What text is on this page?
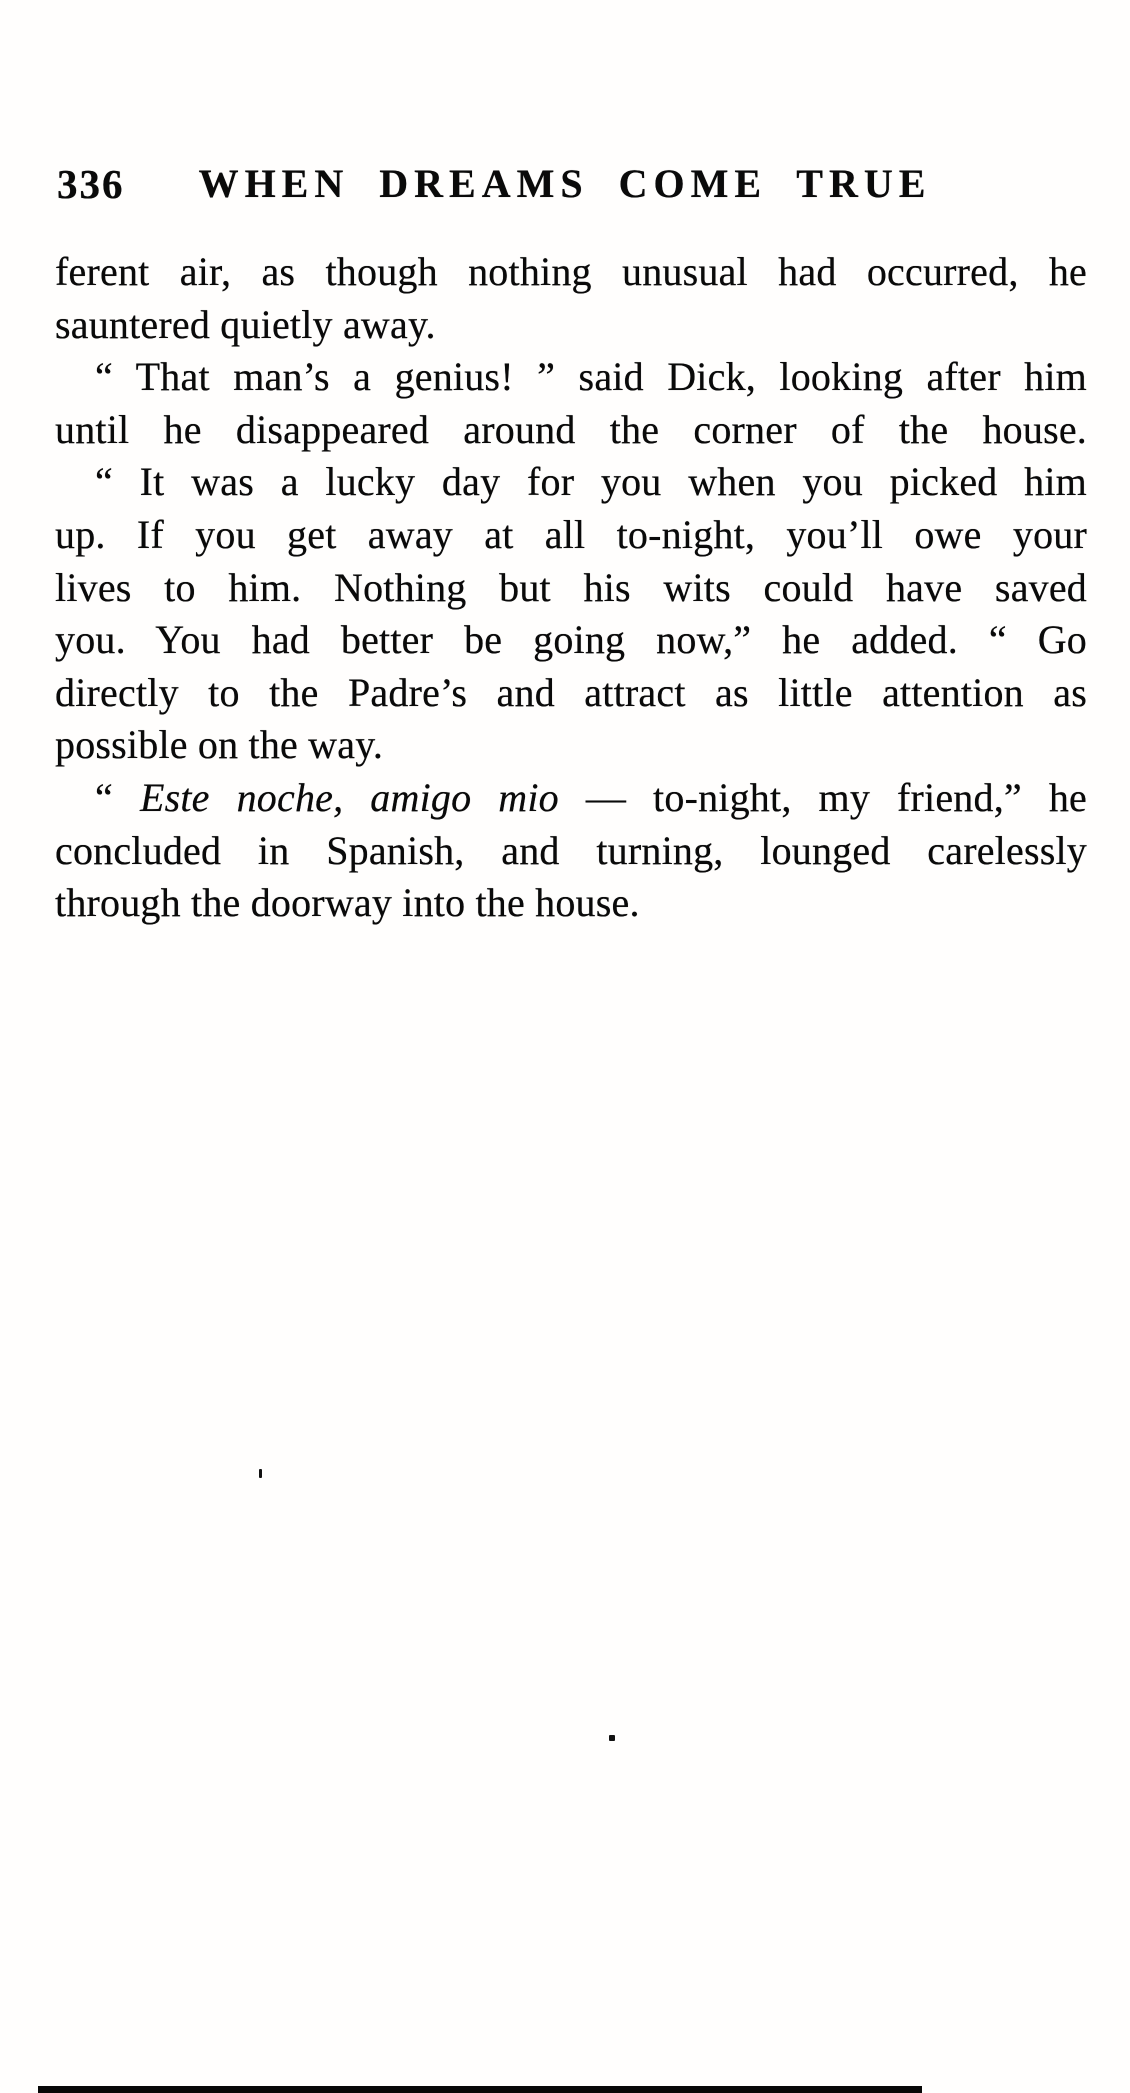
336	WHEN DREAMS COME TRUE
ferent air, as though nothing unusual had occurred, he
sauntered quietly away.
“ That man’s a genius! ” said Dick, looking after him
until he disappeared around the corner of the house.
“ It was a lucky day for you when you picked him
up. If you get away at all to-night, you’ll owe your
lives to him. Nothing but his wits could have saved
you. You had better be going now,” he added. “ Go
directly to the Padre’s and attract as little attention as
possible on the way.
“ Este noche, amigo mio — to-night, my friend,” he
concluded in Spanish, and turning, lounged carelessly
through the doorway into the house.
